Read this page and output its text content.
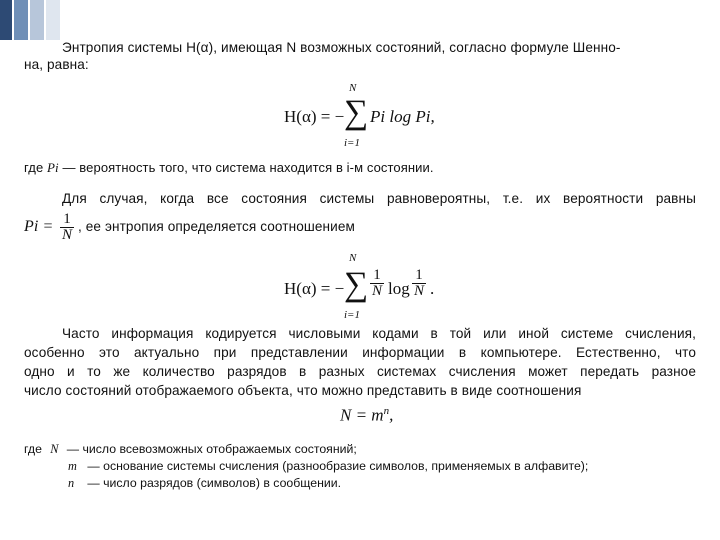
Энтропия системы H(α), имеющая N возможных состояний, согласно формуле Шенно-
на, равна:
N
H(α) = − ∑
i=1
Pi log Pi,
где Pi — вероятность того, что система находится в i-м состоянии.
Для случая, когда все состояния системы равновероятны, т.е. их вероятности равны
$Pi = \frac{1}{N}$ , ее энтропия определяется соотношением
N
H(α) = − ∑
i=1
$\frac{1}{N}$ $\log \frac{1}{N}$ .
Часто информация кодируется числовыми кодами в той или иной системе счисления,
особенно это актуально при представлении информации в компьютере. Естественно, что
одно и то же количество разрядов в разных системах счисления может передать разное
число состояний отображаемого объекта, что можно представить в виде соотношения
$N = m^n$,
где N — число всевозможных отображаемых состояний;
m — основание системы счисления (разнообразие символов, применяемых в алфавите);
n — число разрядов (символов) в сообщении.
